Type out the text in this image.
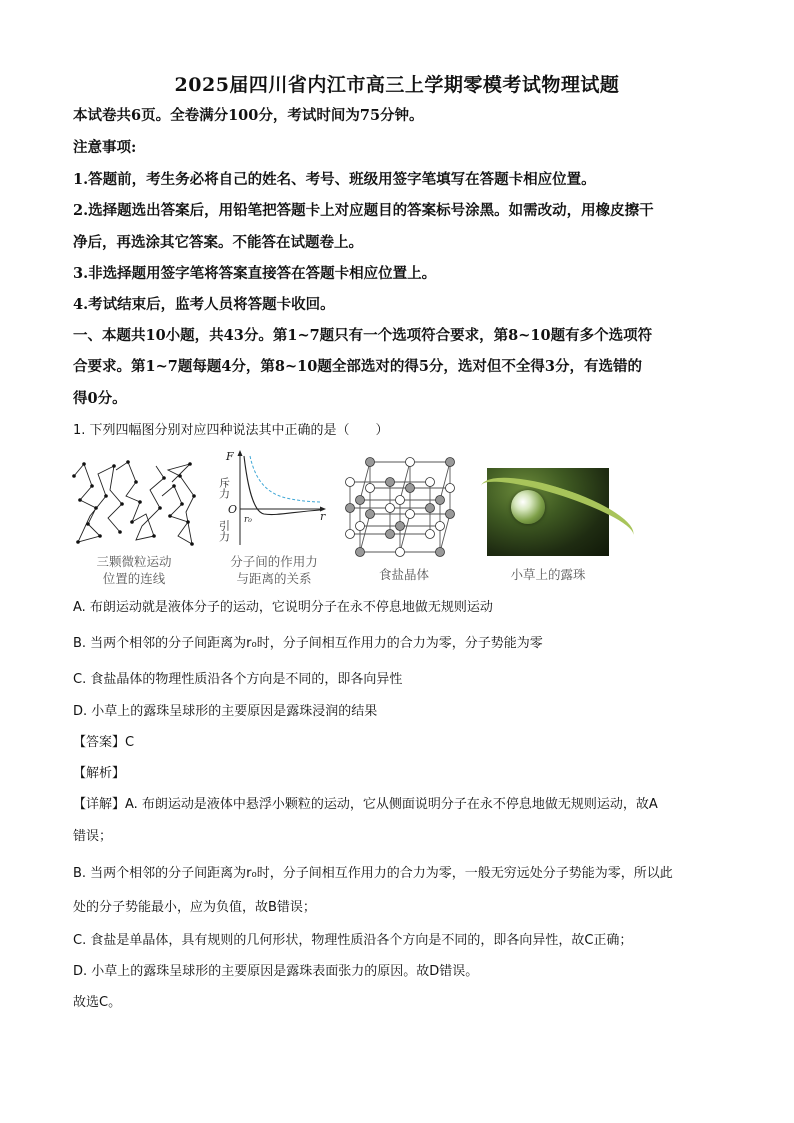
2025届四川省内江市高三上学期零模考试物理试题
本试卷共6页。全卷满分100分，考试时间为75分钟。
注意事项:
1.答题前，考生务必将自己的姓名、考号、班级用签字笔填写在答题卡相应位置。
2.选择题选出答案后，用铅笔把答题卡上对应题目的答案标号涂黑。如需改动，用橡皮擦干
净后，再选涂其它答案。不能答在试题卷上。
3.非选择题用签字笔将答案直接答在答题卡相应位置上。
4.考试结束后，监考人员将答题卡收回。
一、本题共10小题，共43分。第1~7题只有一个选项符合要求，第8~10题有多个选项符
合要求。第1~7题每题4分，第8~10题全部选对的得5分，选对但不全得3分，有选错的
得0分。
1. 下列四幅图分别对应四种说法其中正确的是（　　）
三颗微粒运动
位置的连线
F
斥力
O
引力 r₀	r
分子间的作用力
与距离的关系	食盐晶体	小草上的露珠
A. 布朗运动就是液体分子的运动，它说明分子在永不停息地做无规则运动
B. 当两个相邻的分子间距离为r₀时，分子间相互作用力的合力为零，分子势能为零
C. 食盐晶体的物理性质沿各个方向是不同的，即各向异性
D. 小草上的露珠呈球形的主要原因是露珠浸润的结果
【答案】C
【解析】
【详解】A. 布朗运动是液体中悬浮小颗粒的运动，它从侧面说明分子在永不停息地做无规则运动，故A
错误；
B. 当两个相邻的分子间距离为r₀时，分子间相互作用力的合力为零，一般无穷远处分子势能为零，所以此
处的分子势能最小，应为负值，故B错误；
C. 食盐是单晶体，具有规则的几何形状，物理性质沿各个方向是不同的，即各向异性，故C正确；
D. 小草上的露珠呈球形的主要原因是露珠表面张力的原因。故D错误。
故选C。
